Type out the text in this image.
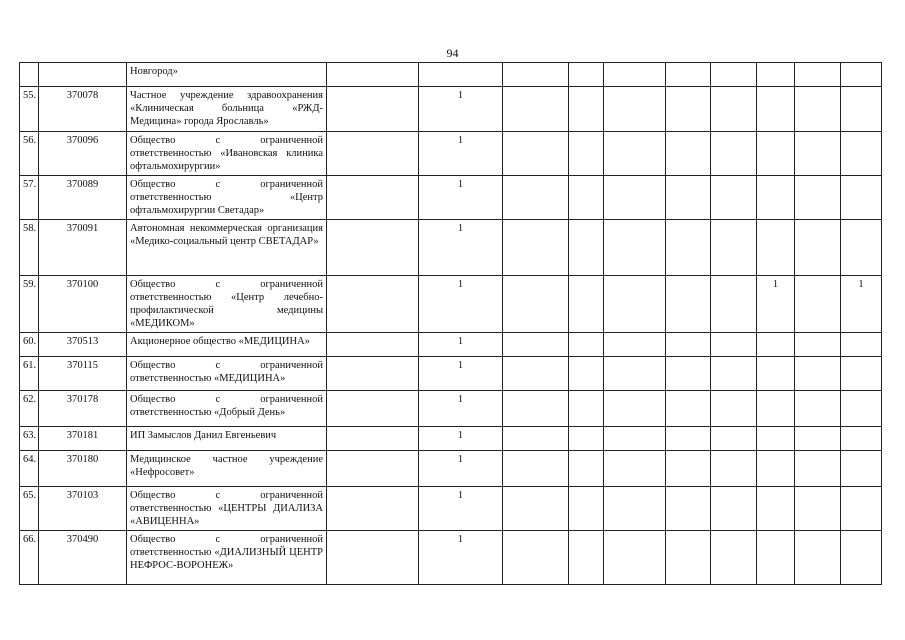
94
		Новгород»										
55.	370078	Частное учреждение здравоохранения «Клиническая больница «РЖД-Медицина» города Ярославль»		1								
56.	370096	Общество с ограниченной ответственностью «Ивановская клиника офтальмохирургии»		1								
57.	370089	Общество с ограниченной ответственностью «Центр офтальмохирургии Светадар»		1								
58.	370091	Автономная некоммерческая организация «Медико-социальный центр СВЕТАДАР»		1								
59.	370100	Общество с ограниченной ответственностью «Центр лечебно-профилактической медицины «МЕДИКОМ»		1						1		1
60.	370513	Акционерное общество «МЕДИЦИНА»		1								
61.	370115	Общество с ограниченной ответственностью «МЕДИЦИНА»		1								
62.	370178	Общество с ограниченной ответственностью «Добрый День»		1								
63.	370181	ИП Замыслов Данил Евгеньевич		1								
64.	370180	Медицинское частное учреждение «Нефросовет»		1								
65.	370103	Общество с ограниченной ответственностью «ЦЕНТРЫ ДИАЛИЗА «АВИЦЕННА»		1								
66.	370490	Общество с ограниченной ответственностью «ДИАЛИЗНЫЙ ЦЕНТР НЕФРОС-ВОРОНЕЖ»		1								
